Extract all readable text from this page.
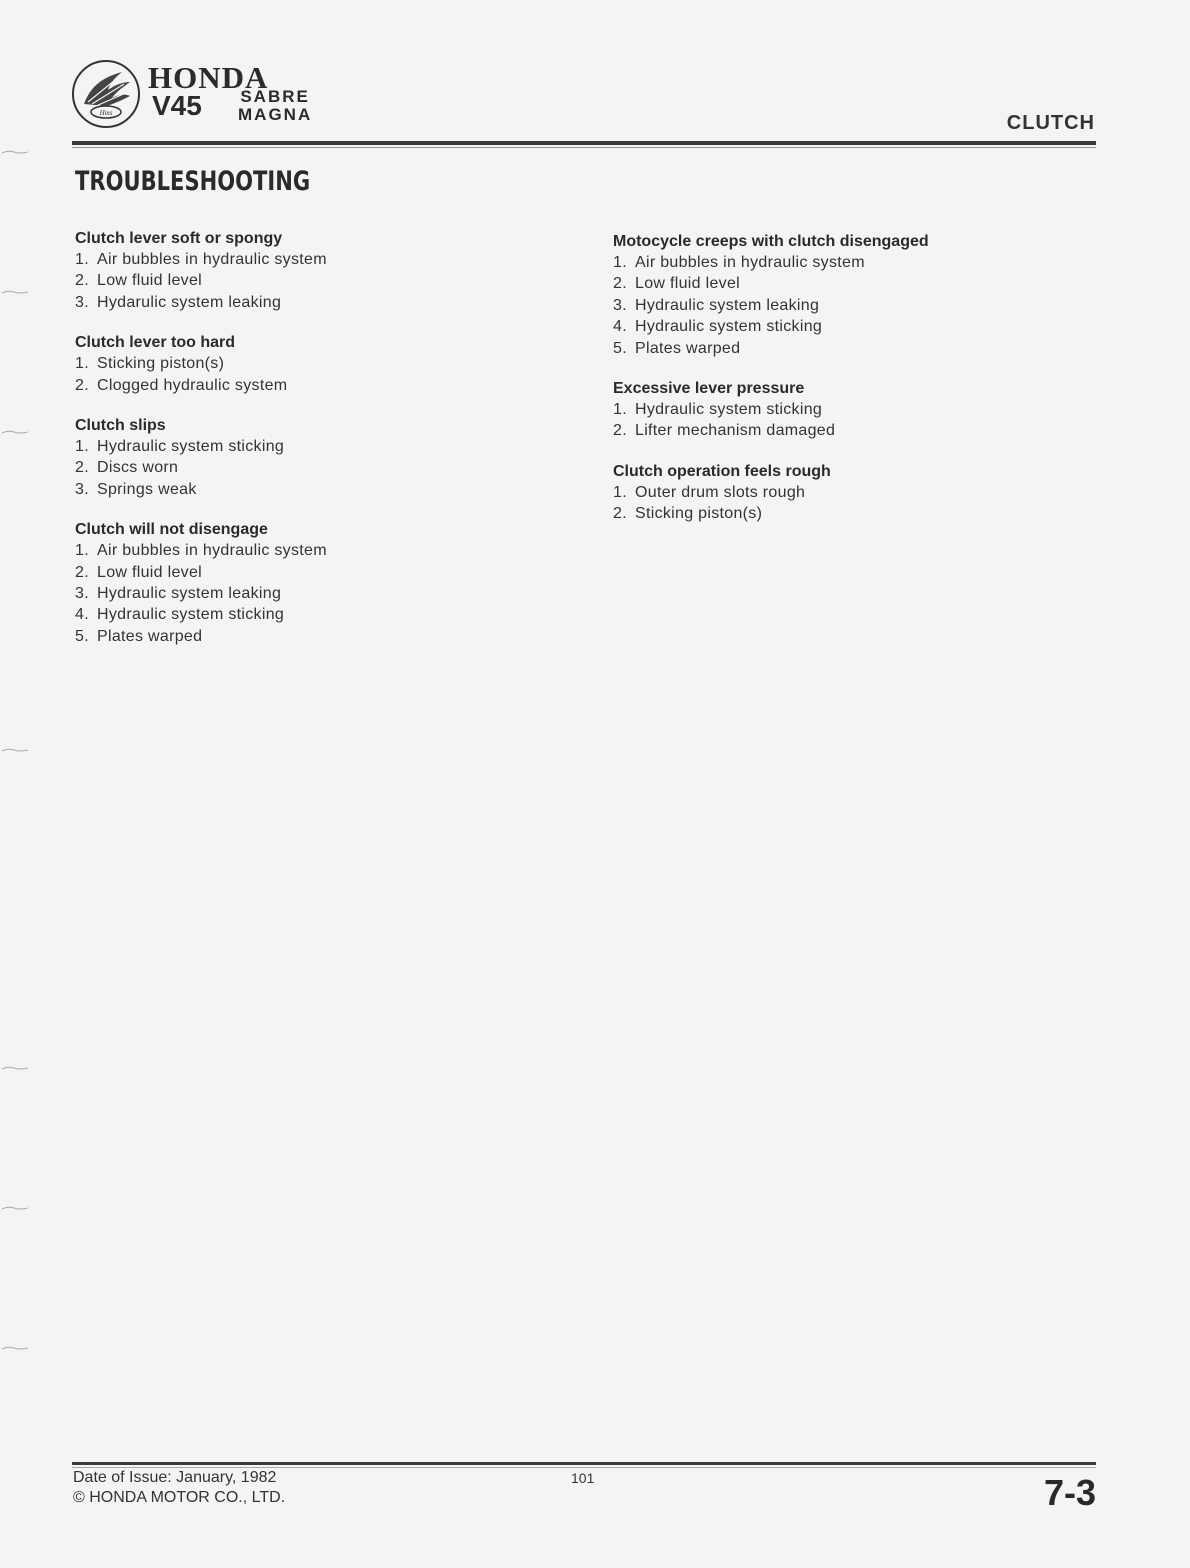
Hms
HONDA
V45 SABRE
MAGNA	CLUTCH
TROUBLESHOOTING
Clutch lever soft or spongy
1. Air bubbles in hydraulic system
2. Low fluid level
3. Hydarulic system leaking
Clutch lever too hard
1. Sticking piston(s)
2. Clogged hydraulic system
Clutch slips
1. Hydraulic system sticking
2. Discs worn
3. Springs weak
Clutch will not disengage
1. Air bubbles in hydraulic system
2. Low fluid level
3. Hydraulic system leaking
4. Hydraulic system sticking
5. Plates warped
Motocycle creeps with clutch disengaged
1. Air bubbles in hydraulic system
2. Low fluid level
3. Hydraulic system leaking
4. Hydraulic system sticking
5. Plates warped
Excessive lever pressure
1. Hydraulic system sticking
2. Lifter mechanism damaged
Clutch operation feels rough
1. Outer drum slots rough
2. Sticking piston(s)
Date of Issue: January, 1982
© HONDA MOTOR CO., LTD.
101	7-3
